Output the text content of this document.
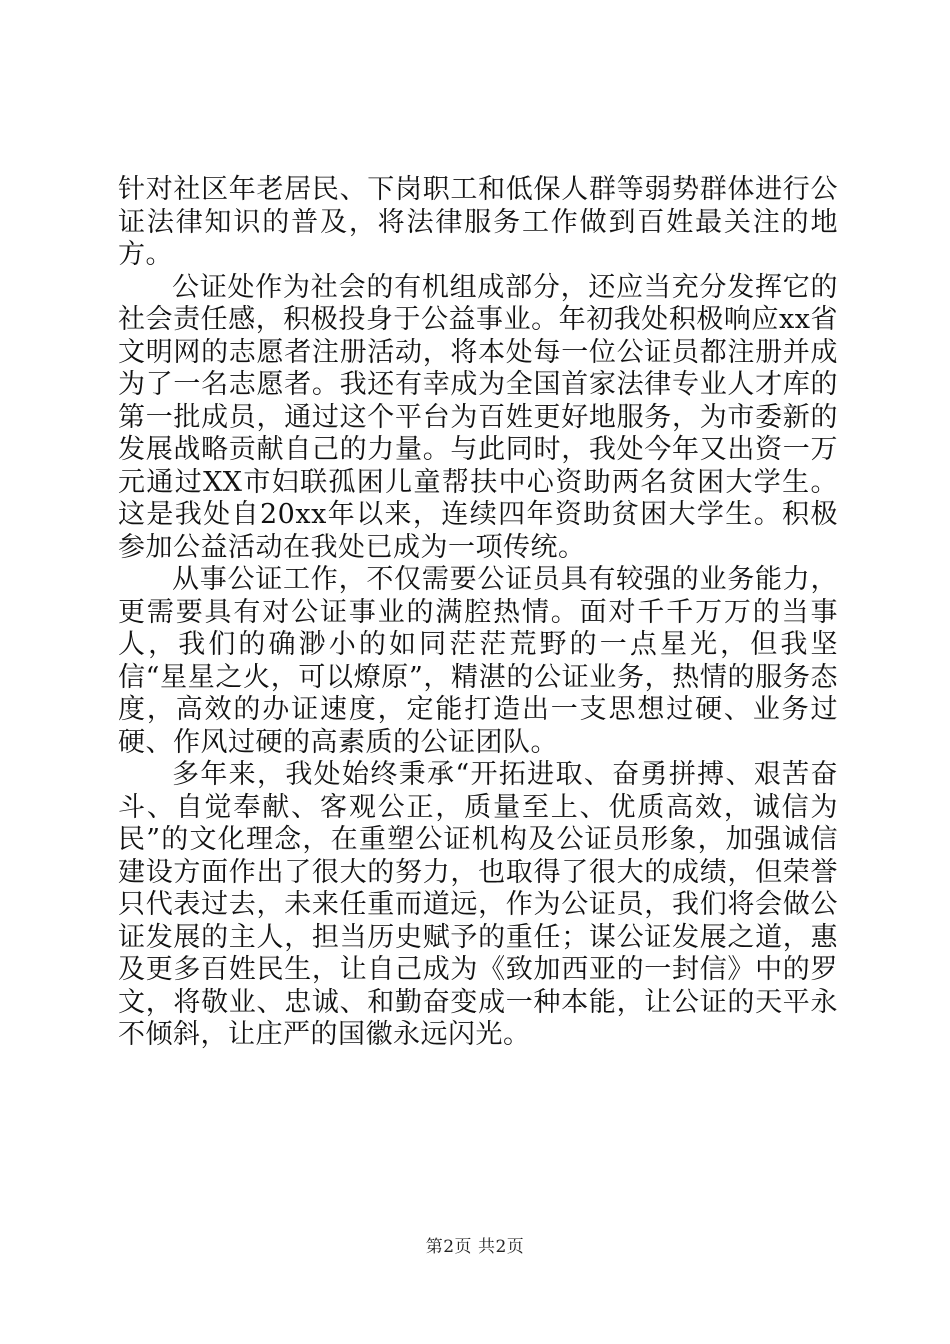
针对社区年老居民、下岗职工和低保人群等弱势群体进行公证法律知识的普及，将法律服务工作做到百姓最关注的地方。

公证处作为社会的有机组成部分，还应当充分发挥它的社会责任感，积极投身于公益事业。年初我处积极响应xx省文明网的志愿者注册活动，将本处每一位公证员都注册并成为了一名志愿者。我还有幸成为全国首家法律专业人才库的第一批成员，通过这个平台为百姓更好地服务，为市委新的发展战略贡献自己的力量。与此同时，我处今年又出资一万元通过XX市妇联孤困儿童帮扶中心资助两名贫困大学生。这是我处自20xx年以来，连续四年资助贫困大学生。积极参加公益活动在我处已成为一项传统。

从事公证工作，不仅需要公证员具有较强的业务能力，更需要具有对公证事业的满腔热情。面对千千万万的当事人，我们的确渺小的如同茫茫荒野的一点星光，但我坚信“星星之火，可以燎原”，精湛的公证业务，热情的服务态度，高效的办证速度，定能打造出一支思想过硬、业务过硬、作风过硬的高素质的公证团队。

多年来，我处始终秉承“开拓进取、奋勇拼搏、艰苦奋斗、自觉奉献、客观公正，质量至上、优质高效，诚信为民”的文化理念，在重塑公证机构及公证员形象，加强诚信建设方面作出了很大的努力，也取得了很大的成绩，但荣誉只代表过去，未来任重而道远，作为公证员，我们将会做公证发展的主人，担当历史赋予的重任；谋公证发展之道，惠及更多百姓民生，让自己成为《致加西亚的一封信》中的罗文，将敬业、忠诚、和勤奋变成一种本能，让公证的天平永不倾斜，让庄严的国徽永远闪光。

第2页 共2页
